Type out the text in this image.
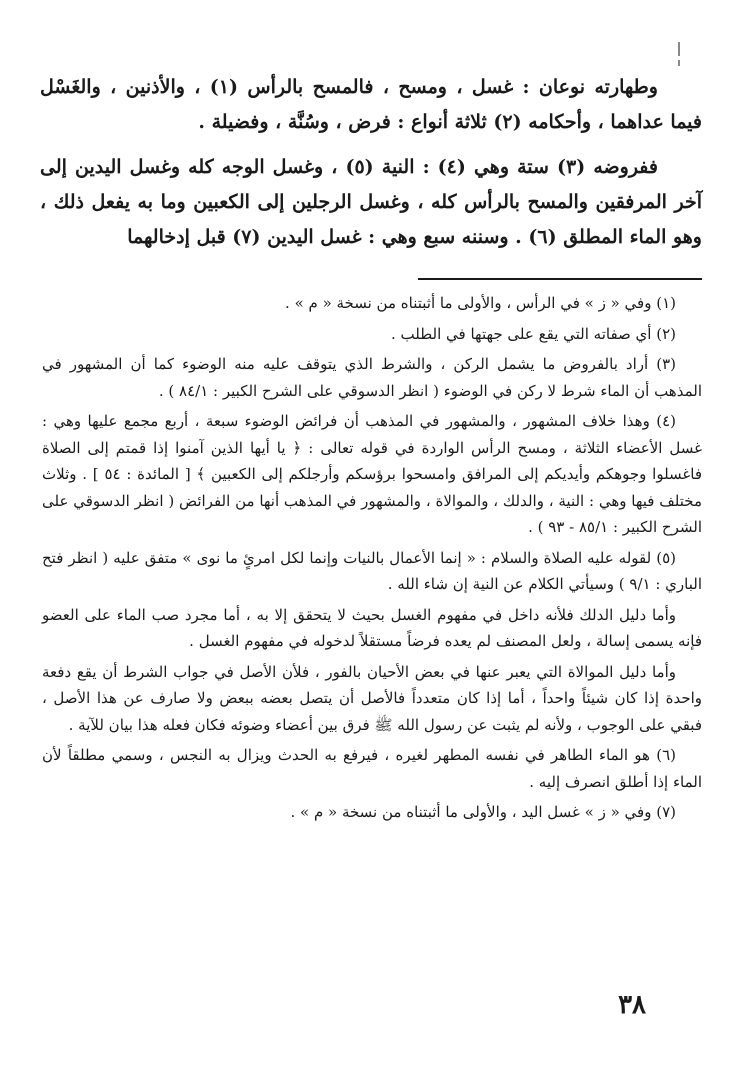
وطهارته نوعان : غسل ، ومسح ، فالمسح بالرأس (١) ، والأذنين ، والغَسْل فيما عداهما ، وأحكامه (٢) ثلاثة أنواع : فرض ، وسُنَّة ، وفضيلة .

ففروضه (٣) ستة وهي (٤) : النية (٥) ، وغسل الوجه كله وغسل اليدين إلى آخر المرفقين والمسح بالرأس كله ، وغسل الرجلين إلى الكعبين وما به يفعل ذلك ، وهو الماء المطلق (٦) . وسننه سبع وهي : غسل اليدين (٧) قبل إدخالهما

(١) وفي « ز » في الرأس ، والأولى ما أثبتناه من نسخة « م » .

(٢) أي صفاته التي يقع على جهتها في الطلب .

(٣) أراد بالفروض ما يشمل الركن ، والشرط الذي يتوقف عليه منه الوضوء كما أن المشهور في المذهب أن الماء شرط لا ركن في الوضوء ( انظر الدسوقي على الشرح الكبير : ٨٤/١ ) .

(٤) وهذا خلاف المشهور ، والمشهور في المذهب أن فرائض الوضوء سبعة ، أربع مجمع عليها وهي : غسل الأعضاء الثلاثة ، ومسح الرأس الواردة في قوله تعالى : ﴿ يا أيها الذين آمنوا إذا قمتم إلى الصلاة فاغسلوا وجوهكم وأيديكم إلى المرافق وامسحوا برؤسكم وأرجلكم إلى الكعبين ﴾ [ المائدة : ٥٤ ] . وثلاث مختلف فيها وهي : النية ، والدلك ، والموالاة ، والمشهور في المذهب أنها من الفرائض ( انظر الدسوقي على الشرح الكبير : ٨٥/١ - ٩٣ ) .

(٥) لقوله عليه الصلاة والسلام : « إنما الأعمال بالنيات وإنما لكل امرئٍ ما نوى » متفق عليه ( انظر فتح الباري : ٩/١ ) وسيأتي الكلام عن النية إن شاء الله .

وأما دليل الدلك فلأنه داخل في مفهوم الغسل بحيث لا يتحقق إلا به ، أما مجرد صب الماء على العضو فإنه يسمى إسالة ، ولعل المصنف لم يعده فرضاً مستقلاً لدخوله في مفهوم الغسل .

وأما دليل الموالاة التي يعبر عنها في بعض الأحيان بالفور ، فلأن الأصل في جواب الشرط أن يقع دفعة واحدة إذا كان شيئاً واحداً ، أما إذا كان متعدداً فالأصل أن يتصل بعضه ببعض ولا صارف عن هذا الأصل ، فبقي على الوجوب ، ولأنه لم يثبت عن رسول الله ﷺ فرق بين أعضاء وضوئه فكان فعله هذا بيان للآية .

(٦) هو الماء الطاهر في نفسه المطهر لغيره ، فيرفع به الحدث ويزال به النجس ، وسمي مطلقاً لأن الماء إذا أطلق انصرف إليه .

(٧) وفي « ز » غسل اليد ، والأولى ما أثبتناه من نسخة « م » .

٣٨
